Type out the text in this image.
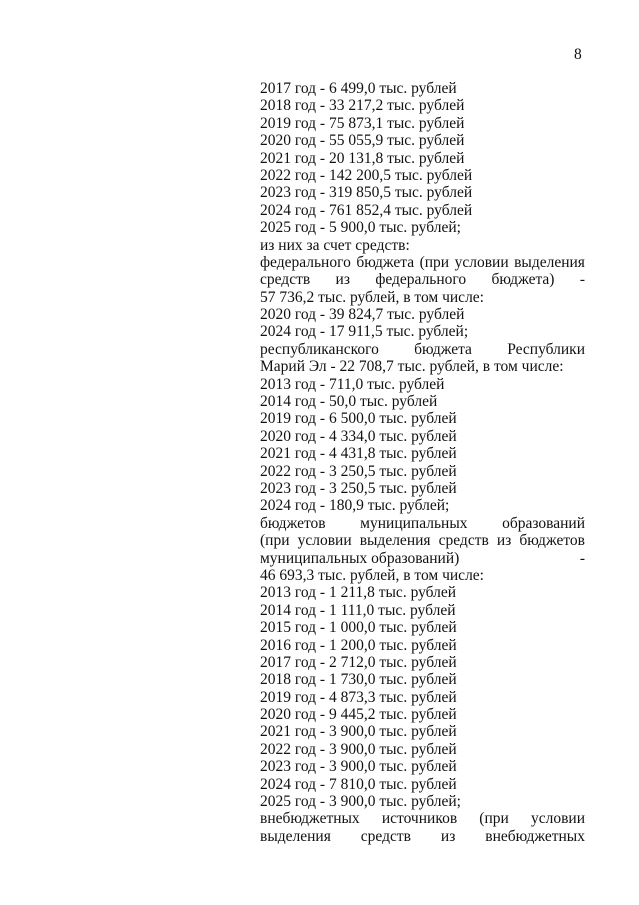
8
2017 год - 6 499,0 тыс. рублей
2018 год - 33 217,2 тыс. рублей
2019 год - 75 873,1 тыс. рублей
2020 год - 55 055,9 тыс. рублей
2021 год - 20 131,8 тыс. рублей
2022 год - 142 200,5 тыс. рублей
2023 год - 319 850,5 тыс. рублей
2024 год - 761 852,4 тыс. рублей
2025 год - 5 900,0 тыс. рублей;
из них за счет средств:
федерального бюджета (при условии выделения
средств из федерального бюджета) -
57 736,2 тыс. рублей, в том числе:
2020 год - 39 824,7 тыс. рублей
2024 год - 17 911,5 тыс. рублей;
республиканского бюджета Республики
Марий Эл - 22 708,7 тыс. рублей, в том числе:
2013 год - 711,0 тыс. рублей
2014 год - 50,0 тыс. рублей
2019 год - 6 500,0 тыс. рублей
2020 год - 4 334,0 тыс. рублей
2021 год - 4 431,8 тыс. рублей
2022 год - 3 250,5 тыс. рублей
2023 год - 3 250,5 тыс. рублей
2024 год - 180,9 тыс. рублей;
бюджетов муниципальных образований
(при условии выделения средств из бюджетов
муниципальных образований)	-
46 693,3 тыс. рублей, в том числе:
2013 год - 1 211,8 тыс. рублей
2014 год - 1 111,0 тыс. рублей
2015 год - 1 000,0 тыс. рублей
2016 год - 1 200,0 тыс. рублей
2017 год - 2 712,0 тыс. рублей
2018 год - 1 730,0 тыс. рублей
2019 год - 4 873,3 тыс. рублей
2020 год - 9 445,2 тыс. рублей
2021 год - 3 900,0 тыс. рублей
2022 год - 3 900,0 тыс. рублей
2023 год - 3 900,0 тыс. рублей
2024 год - 7 810,0 тыс. рублей
2025 год - 3 900,0 тыс. рублей;
внебюджетных источников (при условии
выделения средств из внебюджетных
